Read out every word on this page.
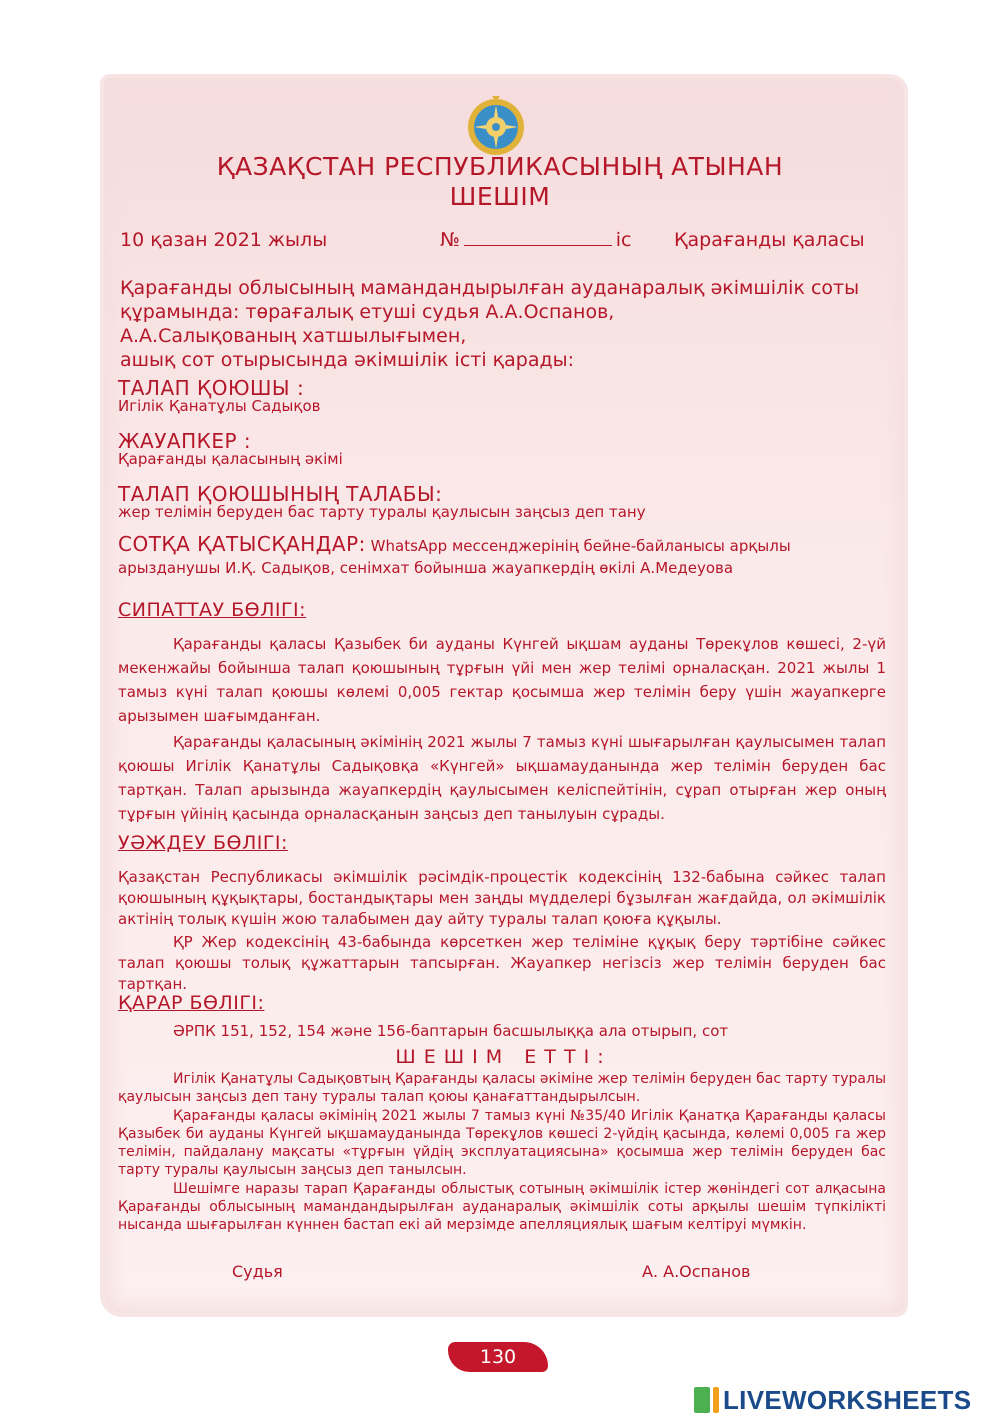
ҚАЗАҚСТАН РЕСПУБЛИКАСЫНЫҢ АТЫНАН
ШЕШІМ
10 қазан 2021 жылы	№	іс Қарағанды қаласы
Қарағанды облысының мамандандырылған ауданаралық әкімшілік соты
құрамында: төрағалық етуші судья А.А.Оспанов,
А.А.Салықованың хатшылығымен,
ашық сот отырысында әкімшілік істі қарады:
ТАЛАП ҚОЮШЫ :
Игілік Қанатұлы Садықов
ЖАУАПКЕР :
Қарағанды қаласының әкімі
ТАЛАП ҚОЮШЫНЫҢ ТАЛАБЫ:
жер телімін беруден бас тарту туралы қаулысын заңсыз деп тану
СОТҚА ҚАТЫСҚАНДАР: WhatsApp мессенджерінің бейне-байланысы арқылы
арыздaнушы И.Қ. Садықов, сенімхат бойынша жауапкердің өкілі А.Медеуова
СИПАТТАУ БӨЛІГІ:
Қарағанды қаласы Қазыбек би ауданы Күнгей ықшам ауданы Төрекұлов көшесі, 2-үй мекенжайы бойынша талап қоюшының тұрғын үйі мен жер телімі орналасқан. 2021 жылы 1 тамыз күні талап қоюшы көлемі 0,005 гектар қосымша жер телімін беру үшін жауапкерге арызымен шағымданған.
Қарағанды қаласының әкімінің 2021 жылы 7 тамыз күні шығарылған қаулысымен талап қоюшы Игілік Қанатұлы Садықовқа «Күнгей» ықшамауданында жер телімін беруден бас тартқан. Талап арызында жауапкердің қаулысымен келіспейтінін, сұрап отырған жер оның тұрғын үйінің қасында орналасқанын заңсыз деп танылуын сұрады.
УӘЖДЕУ БӨЛІГІ:
Қазақстан Республикасы әкімшілік рәсімдік-процестік кодексінің 132-бабына сәйкес талап қоюшының құқықтары, бостандықтары мен заңды мүдделері бұзылған жағдайда, ол әкімшілік актінің толық күшін жою талабымен дау айту туралы талап қоюға құқылы.
ҚР Жер кодексінің 43-бабында көрсеткен жер теліміне құқық беру тәртібіне сәйкес талап қоюшы толық құжаттарын тапсырған. Жауапкер негізсіз жер телімін беруден бас тартқан.
ҚАРАР БӨЛІГІ:
ӘРПК 151, 152, 154 және 156-баптарын басшылыққа ала отырып, сот
Ш Е Ш І М   Е Т Т І :
Игілік Қанатұлы Садықовтың Қарағанды қаласы әкіміне жер телімін беруден бас тарту туралы қаулысын заңсыз деп тану туралы талап қоюы қанағаттандырылсын.
Қарағанды қаласы әкімінің 2021 жылы 7 тамыз күні №35/40 Игілік Қанатқа Қарағанды қаласы Қазыбек би ауданы Күнгей ықшамауданында Төрекұлов көшесі 2-үйдің қасында, көлемі 0,005 га жер телімін, пайдалану мақсаты «тұрғын үйдің эксплуатациясына» қосымша жер телімін беруден бас тарту туралы қаулысын заңсыз деп танылсын.
Шешімге наразы тарап Қарағанды облыстық сотының әкімшілік істер жөніндегі сот алқасына Қарағанды облысының мамандандырылған ауданаралық әкімшілік соты арқылы шешім түпкілікті нысанда шығарылған күннен бастап екі ай мерзімде апелляциялық шағым келтіруі мүмкін.
Судья	А. А.Оспанов
130
LIVEWORKSHEETS
